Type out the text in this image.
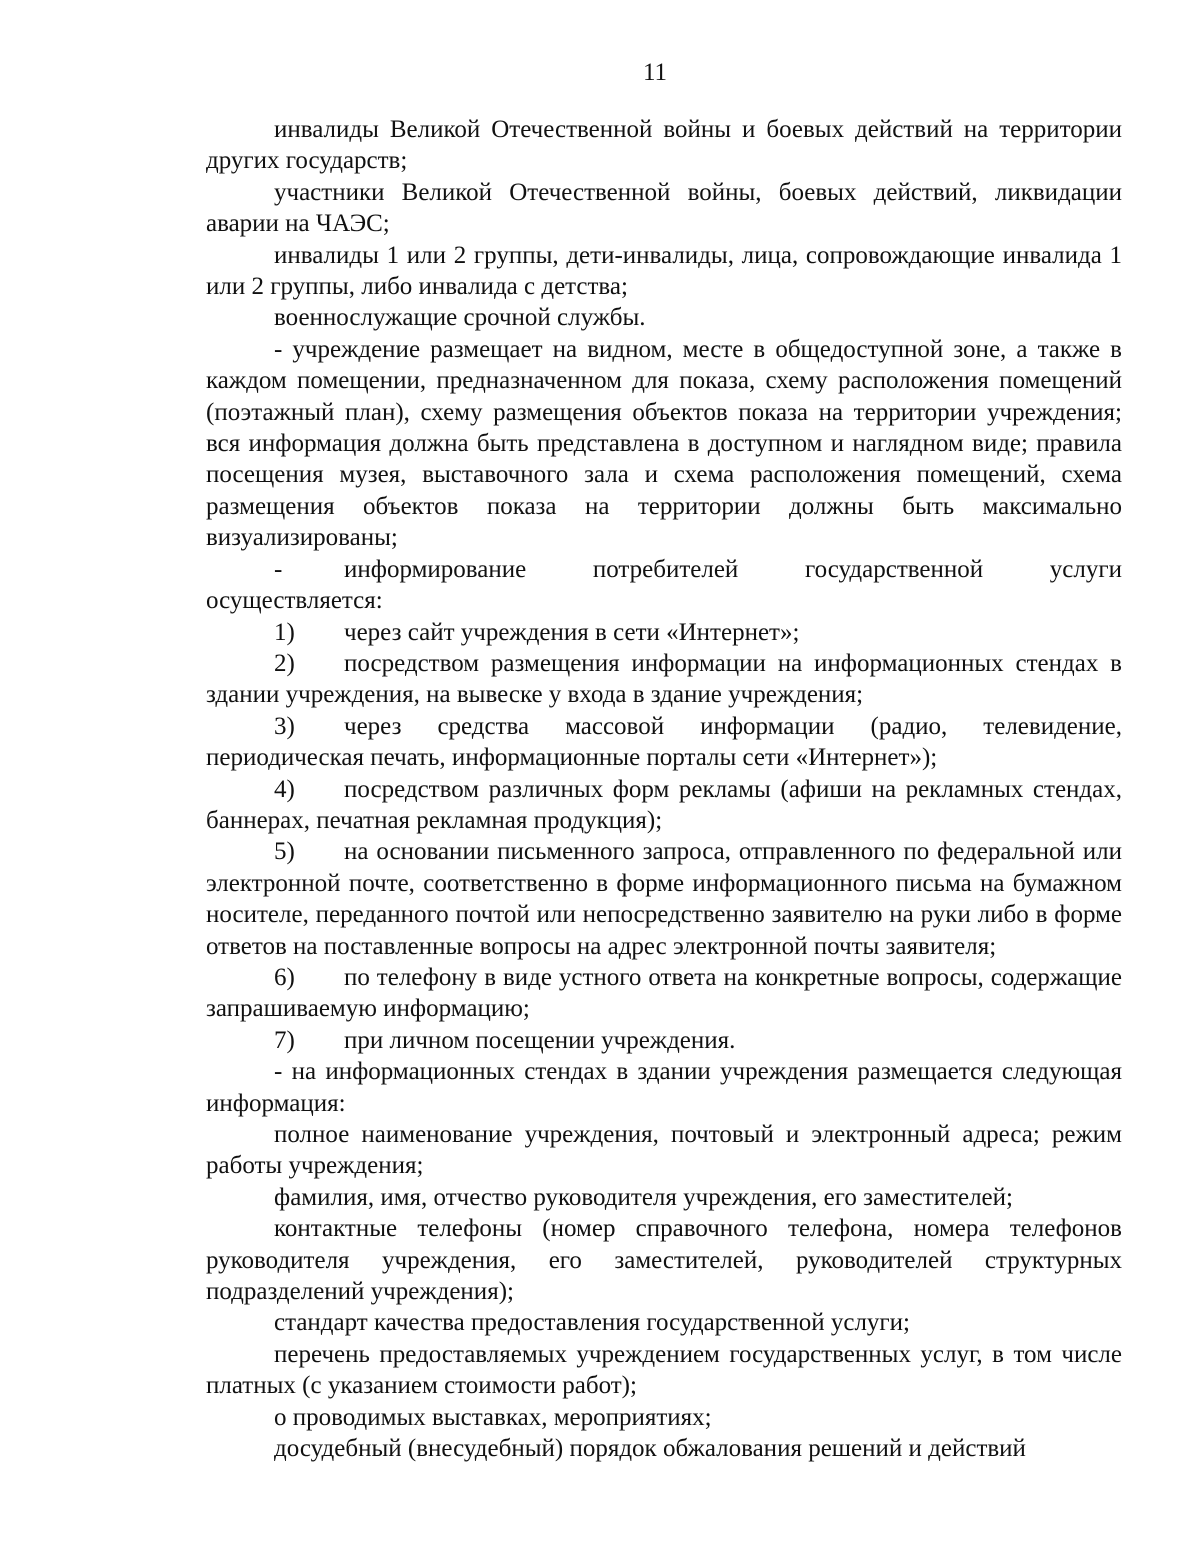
11

инвалиды Великой Отечественной войны и боевых действий на территории других государств;

участники Великой Отечественной войны, боевых действий, ликвидации аварии на ЧАЭС;

инвалиды 1 или 2 группы, дети-инвалиды, лица, сопровождающие инвалида 1 или 2 группы, либо инвалида с детства;

военнослужащие срочной службы.

- учреждение размещает на видном, месте в общедоступной зоне, а также в каждом помещении, предназначенном для показа, схему расположения помещений (поэтажный план), схему размещения объектов показа на территории учреждения; вся информация должна быть представлена в доступном и наглядном виде; правила посещения музея, выставочного зала и схема расположения помещений, схема размещения объектов показа на территории должны быть максимально визуализированы;

- информирование потребителей государственной услуги осуществляется:

1) через сайт учреждения в сети «Интернет»;

2) посредством размещения информации на информационных стендах в здании учреждения, на вывеске у входа в здание учреждения;

3) через средства массовой информации (радио, телевидение, периодическая печать, информационные порталы сети «Интернет»);

4) посредством различных форм рекламы (афиши на рекламных стендах, баннерах, печатная рекламная продукция);

5) на основании письменного запроса, отправленного по федеральной или электронной почте, соответственно в форме информационного письма на бумажном носителе, переданного почтой или непосредственно заявителю на руки либо в форме ответов на поставленные вопросы на адрес электронной почты заявителя;

6) по телефону в виде устного ответа на конкретные вопросы, содержащие запрашиваемую информацию;

7) при личном посещении учреждения.

- на информационных стендах в здании учреждения размещается следующая информация:

полное наименование учреждения, почтовый и электронный адреса; режим работы учреждения;

фамилия, имя, отчество руководителя учреждения, его заместителей;

контактные телефоны (номер справочного телефона, номера телефонов руководителя учреждения, его заместителей, руководителей структурных подразделений учреждения);

стандарт качества предоставления государственной услуги;

перечень предоставляемых учреждением государственных услуг, в том числе платных (с указанием стоимости работ);

о проводимых выставках, мероприятиях;

досудебный (внесудебный) порядок обжалования решений и действий
